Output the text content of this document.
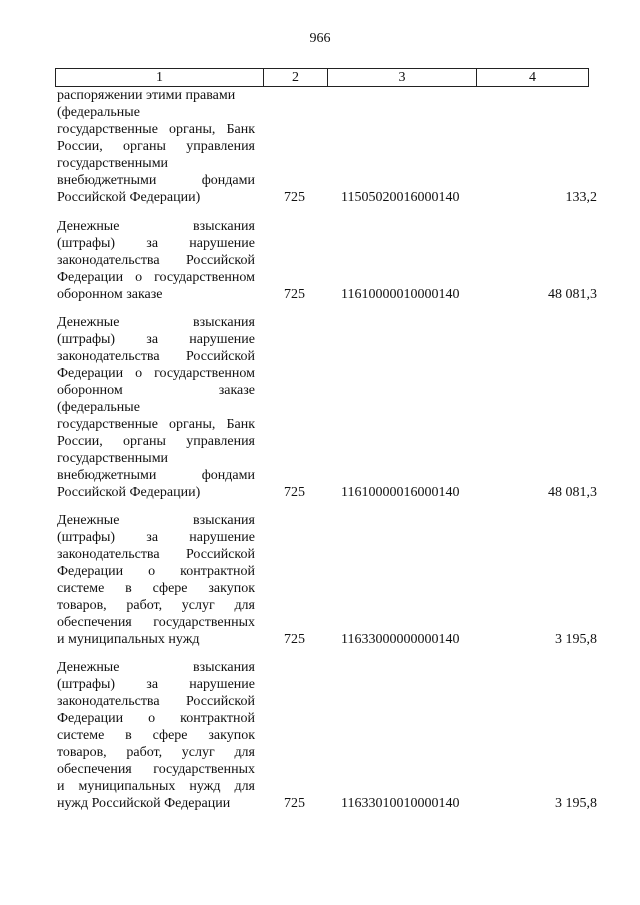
966
1	2	3	4
распоряжении этими правами
(федеральные
государственные органы, Банк
России, органы управления
государственными
внебюджетными фондами
Российской Федерации)	725	11505020016000140	133,2
Денежные взыскания
(штрафы) за нарушение
законодательства Российской
Федерации о государственном
оборонном заказе	725	11610000010000140	48 081,3
Денежные взыскания
(штрафы) за нарушение
законодательства Российской
Федерации о государственном
оборонном заказе
(федеральные
государственные органы, Банк
России, органы управления
государственными
внебюджетными фондами
Российской Федерации)	725	11610000016000140	48 081,3
Денежные взыскания
(штрафы) за нарушение
законодательства Российской
Федерации о контрактной
системе в сфере закупок
товаров, работ, услуг для
обеспечения государственных
и муниципальных нужд	725	11633000000000140	3 195,8
Денежные взыскания
(штрафы) за нарушение
законодательства Российской
Федерации о контрактной
системе в сфере закупок
товаров, работ, услуг для
обеспечения государственных
и муниципальных нужд для
нужд Российской Федерации	725	11633010010000140	3 195,8
